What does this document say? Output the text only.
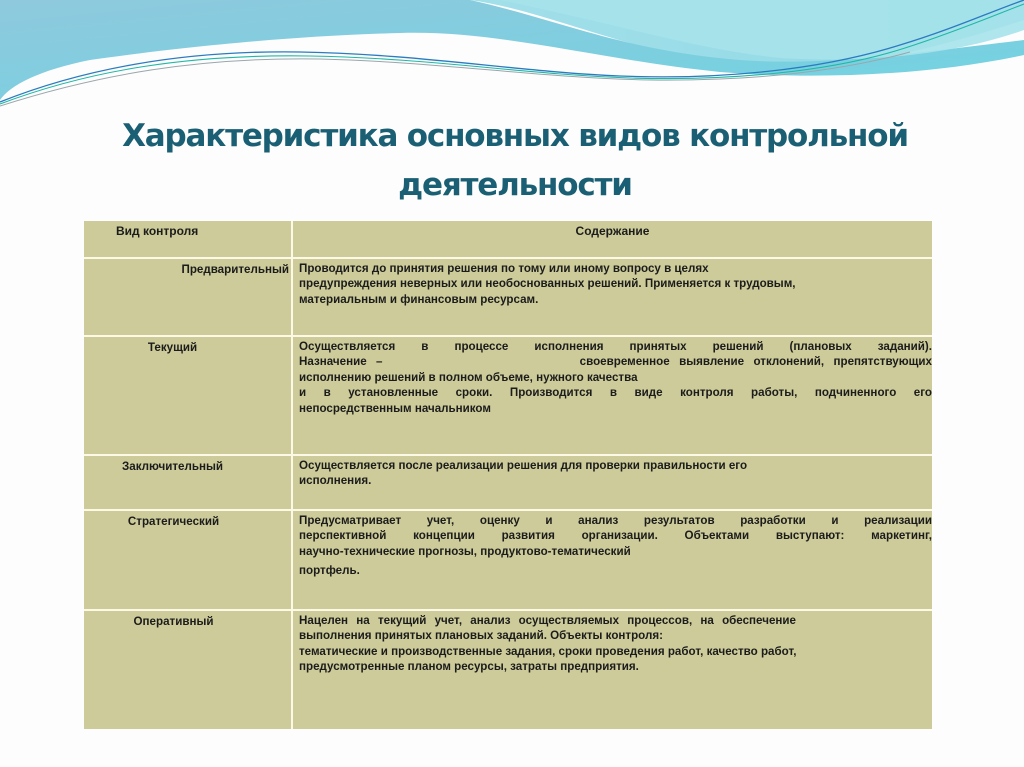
Характеристика основных видов контрольной
деятельности
Вид контроля	Содержание
Предварительный Проводится до принятия решения по тому или иному вопросу в целях
предупреждения неверных или необоснованных решений. Применяется к трудовым,
материальным и финансовым ресурсам.
Текущий	Осуществляется в процессе исполнения принятых решений (плановых заданий).
Назначение –                     своевременное выявление отклонений, препятствующих
исполнению решений в полном объеме, нужного качества
и в установленные сроки. Производится в виде контроля работы, подчиненного его
непосредственным начальником
Заключительный	Осуществляется после реализации решения для проверки правильности его
исполнения.
Стратегический	Предусматривает учет, оценку и анализ результатов разработки и реализации
перспективной концепции развития организации. Объектами выступают: маркетинг,
научно-технические прогнозы, продуктово-тематический
портфель.
Оперативный	Нацелен на текущий учет, анализ осуществляемых процессов, на обеспечение
выполнения принятых плановых заданий. Объекты контроля:
тематические и производственные задания, сроки проведения работ, качество работ,
предусмотренные планом ресурсы, затраты предприятия.
